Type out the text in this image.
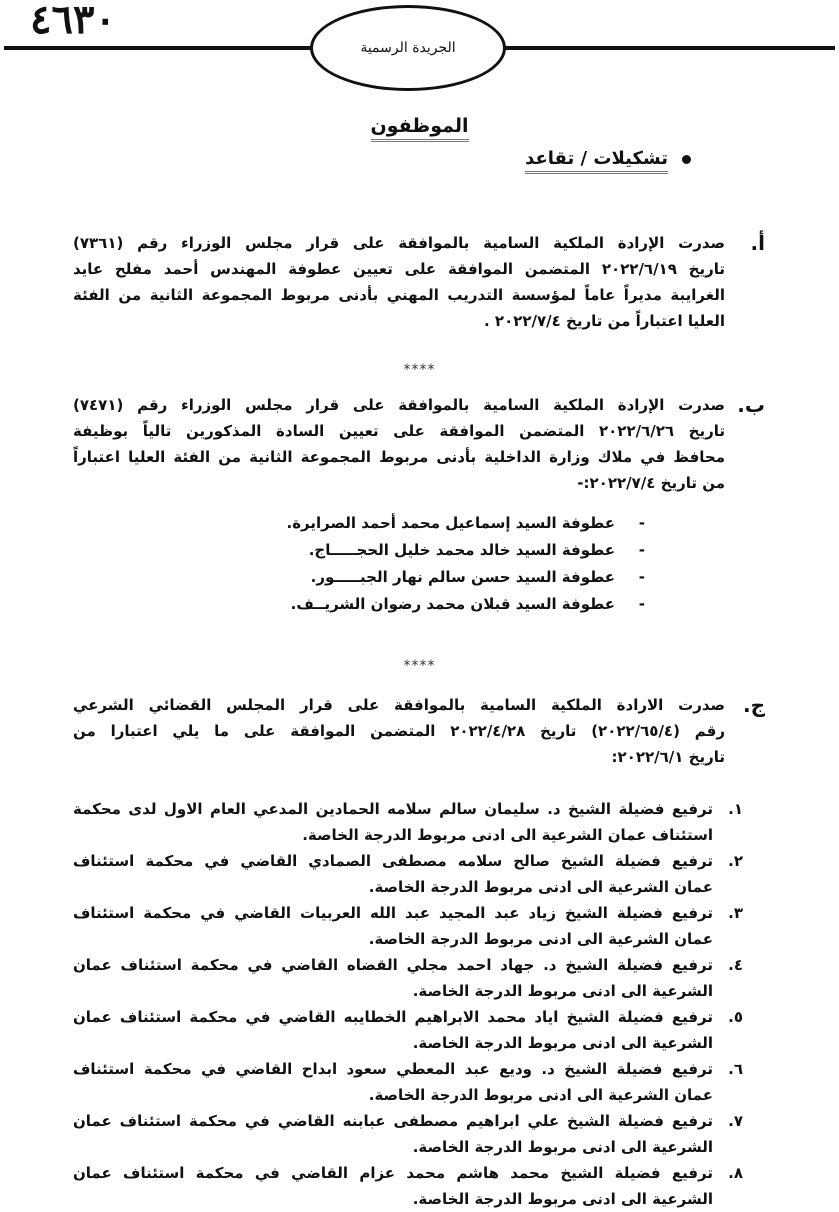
الجريدة الرسمية
٤٦٣٠
الموظفون
تشكيلات / تقاعد
أ.
صدرت الإرادة الملكية السامية بالموافقة على قرار مجلس الوزراء رقم (٧٣٦١)
تاريخ ٢٠٢٢/٦/١٩ المتضمن الموافقة على تعيين عطوفة المهندس أحمد مفلح عايد
الغرايبة مديراً عاماً لمؤسسة التدريب المهني بأدنى مربوط المجموعة الثانية من الفئة
العليا اعتباراً من تاريخ ٢٠٢٢/٧/٤ .
****
ب.
صدرت الإرادة الملكية السامية بالموافقة على قرار مجلس الوزراء رقم (٧٤٧١)
تاريخ ٢٠٢٢/٦/٢٦ المتضمن الموافقة على تعيين السادة المذكورين تالياً بوظيفة
محافظ في ملاك وزارة الداخلية بأدنى مربوط المجموعة الثانية من الفئة العليا اعتباراً
من تاريخ ٢٠٢٢/٧/٤:-
-عطوفة السيد إسماعيل محمد أحمد الصرايرة.
-عطوفة السيد خالد محمد خليل الحجـــــاج.
-عطوفة السيد حسن سالم نهار الجبـــــور.
-عطوفة السيد قبلان محمد رضوان الشريــف.
****
ج.
صدرت الارادة الملكية السامية بالموافقة على قرار المجلس القضائي الشرعي
رقم (٢٠٢٢/٦٥/٤) تاريخ ٢٠٢٢/٤/٢٨ المتضمن الموافقة على ما يلي اعتبارا من
تاريخ ٢٠٢٢/٦/١:
١.
ترفيع فضيلة الشيخ د. سليمان سالم سلامه الحمادين المدعي العام الاول لدى محكمة
استئناف عمان الشرعية الى ادنى مربوط الدرجة الخاصة.
٢.
ترفيع فضيلة الشيخ صالح سلامه مصطفى الصمادي القاضي في محكمة استئناف
عمان الشرعية الى ادنى مربوط الدرجة الخاصة.
٣.
ترفيع فضيلة الشيخ زياد عبد المجيد عبد الله العربيات القاضي في محكمة استئناف
عمان الشرعية الى ادنى مربوط الدرجة الخاصة.
٤.
ترفيع فضيلة الشيخ د. جهاد احمد مجلي القضاه القاضي في محكمة استئناف عمان
الشرعية الى ادنى مربوط الدرجة الخاصة.
٥.
ترفيع فضيلة الشيخ اياد محمد الابراهيم الخطايبه القاضي في محكمة استئناف عمان
الشرعية الى ادنى مربوط الدرجة الخاصة.
٦.
ترفيع فضيلة الشيخ د. وديع عبد المعطي سعود ابداح القاضي في محكمة استئناف
عمان الشرعية الى ادنى مربوط الدرجة الخاصة.
٧.
ترفيع فضيلة الشيخ علي ابراهيم مصطفى عبابنه القاضي في محكمة استئناف عمان
الشرعية الى ادنى مربوط الدرجة الخاصة.
٨.
ترفيع فضيلة الشيخ محمد هاشم محمد عزام القاضي في محكمة استئناف عمان
الشرعية الى ادنى مربوط الدرجة الخاصة.
